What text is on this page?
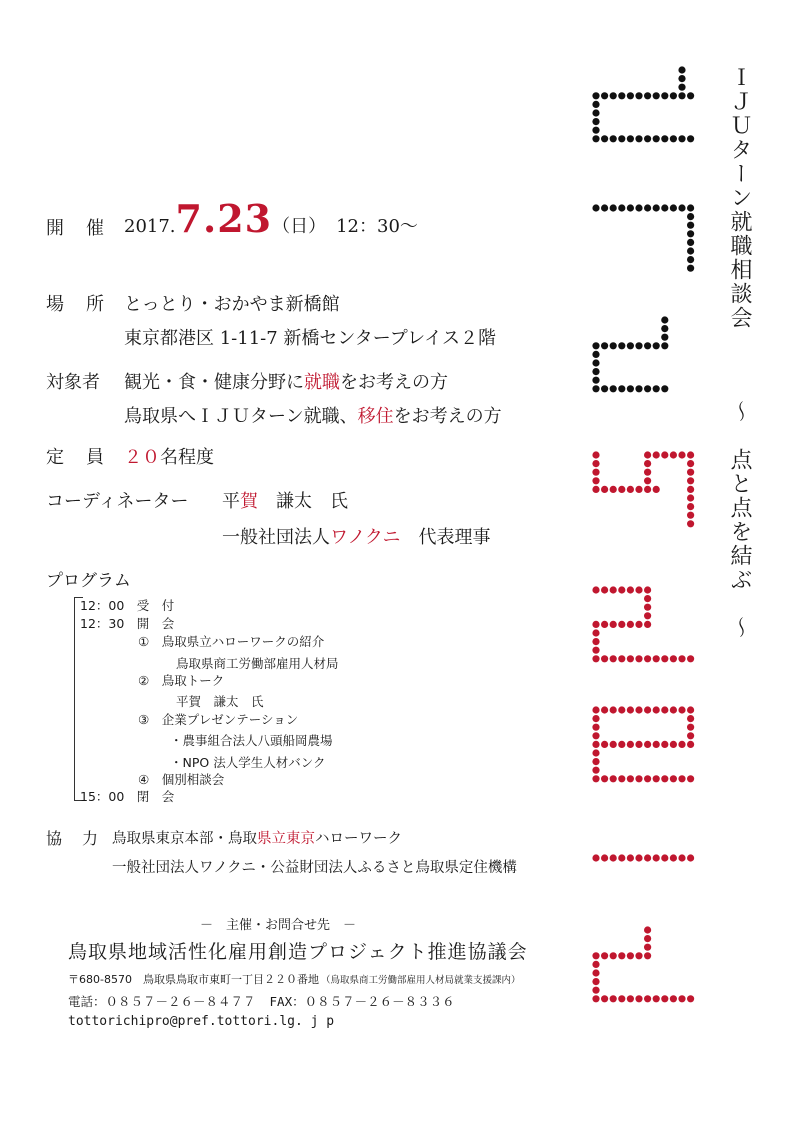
開　催 2017.7.23（日） 12：30～
場　所 とっとり・おかやま新橋館
東京都港区 1-11-7 新橋センタープレイス２階
対象者 観光・食・健康分野に就職をお考えの方
鳥取県へＩＪＵターン就職、移住をお考えの方
定　員 ２０名程度
コーディネーター 平賀　謙太　氏
一般社団法人ワノクニ　代表理事
プログラム
12：00　受　付
12：30　開　会
①　鳥取県立ハローワークの紹介
鳥取県商工労働部雇用人材局
②　鳥取トーク
平賀　謙太　氏
③　企業プレゼンテーション
・農事組合法人八頭船岡農場
・NPO 法人学生人材バンク
④　個別相談会
15：00　閉　会
協　力 鳥取県東京本部・鳥取県立東京ハローワーク
一般社団法人ワノクニ・公益財団法人ふるさと鳥取県定住機構
－　主催・お問合せ先　－
鳥取県地域活性化雇用創造プロジェクト推進協議会
〒680-8570　鳥取県鳥取市東町一丁目２２０番地 （鳥取県商工労働部雇用人材局就業支援課内）
電話：０８５７－２６－８４７７ FAX：０８５７－２６－８３３６
tottorichipro@pref.tottori.lg. j p
ＩＪＵターン就職相談会
～　点と点を結ぶ　～
